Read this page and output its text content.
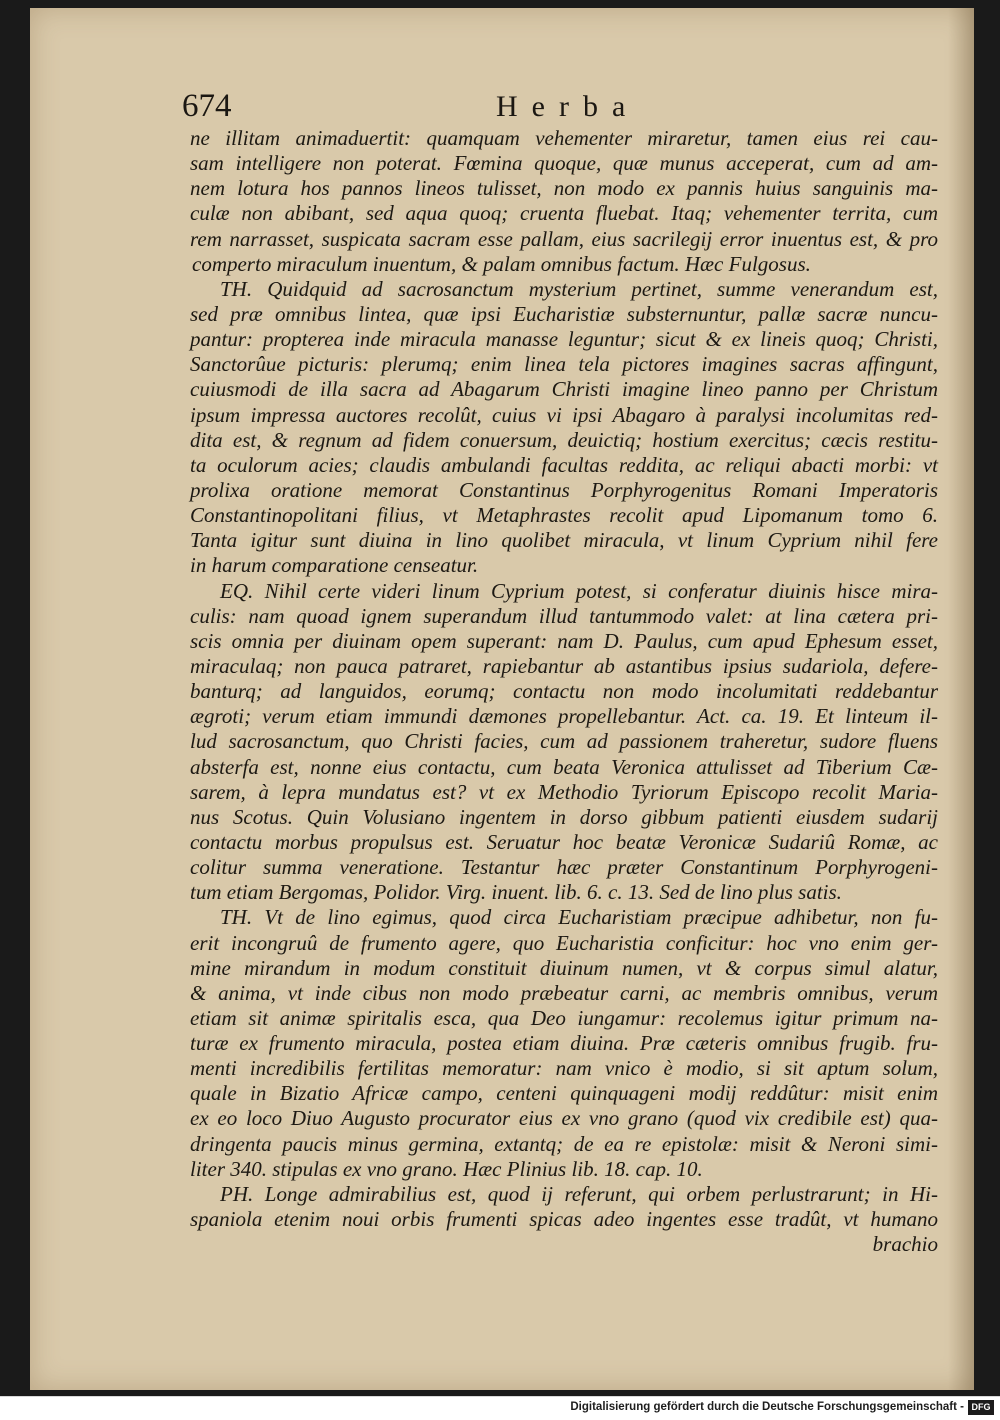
674	Herba
ne illitam animaduertit: quamquam vehementer miraretur, tamen eius rei cau-
sam intelligere non poterat. Fœmina quoque, quæ munus acceperat, cum ad am-
nem lotura hos pannos lineos tulisset, non modo ex pannis huius sanguinis ma-
culæ non abibant, sed aqua quoq; cruenta fluebat. Itaq; vehementer territa, cum
rem narrasset, suspicata sacram esse pallam, eius sacrilegij error inuentus est, & pro
comperto miraculum inuentum, & palam omnibus factum. Hæc Fulgosus.
TH. Quidquid ad sacrosanctum mysterium pertinet, summe venerandum est,
sed præ omnibus lintea, quæ ipsi Eucharistiæ substernuntur, pallæ sacræ nuncu-
pantur: propterea inde miracula manasse leguntur; sicut & ex lineis quoq; Christi,
Sanctorûue picturis: plerumq; enim linea tela pictores imagines sacras affingunt,
cuiusmodi de illa sacra ad Abagarum Christi imagine lineo panno per Christum
ipsum impressa auctores recolût, cuius vi ipsi Abagaro à paralysi incolumitas red-
dita est, & regnum ad fidem conuersum, deuictiq; hostium exercitus; cæcis restitu-
ta oculorum acies; claudis ambulandi facultas reddita, ac reliqui abacti morbi: vt
prolixa oratione memorat Constantinus Porphyrogenitus Romani Imperatoris
Constantinopolitani filius, vt Metaphrastes recolit apud Lipomanum tomo 6.
Tanta igitur sunt diuina in lino quolibet miracula, vt linum Cyprium nihil fere
in harum comparatione censeatur.
EQ. Nihil certe videri linum Cyprium potest, si conferatur diuinis hisce mira-
culis: nam quoad ignem superandum illud tantummodo valet: at lina cætera pri-
scis omnia per diuinam opem superant: nam D. Paulus, cum apud Ephesum esset,
miraculaq; non pauca patraret, rapiebantur ab astantibus ipsius sudariola, defere-
banturq; ad languidos, eorumq; contactu non modo incolumitati reddebantur
ægroti; verum etiam immundi dæmones propellebantur. Act. ca. 19. Et linteum il-
lud sacrosanctum, quo Christi facies, cum ad passionem traheretur, sudore fluens
absterfa est, nonne eius contactu, cum beata Veronica attulisset ad Tiberium Cæ-
sarem, à lepra mundatus est? vt ex Methodio Tyriorum Episcopo recolit Maria-
nus Scotus. Quin Volusiano ingentem in dorso gibbum patienti eiusdem sudarij
contactu morbus propulsus est. Seruatur hoc beatæ Veronicæ Sudariû Romæ, ac
colitur summa veneratione. Testantur hæc præter Constantinum Porphyrogeni-
tum etiam Bergomas, Polidor. Virg. inuent. lib. 6. c. 13. Sed de lino plus satis.
TH. Vt de lino egimus, quod circa Eucharistiam præcipue adhibetur, non fu-
erit incongruû de frumento agere, quo Eucharistia conficitur: hoc vno enim ger-
mine mirandum in modum constituit diuinum numen, vt & corpus simul alatur,
& anima, vt inde cibus non modo præbeatur carni, ac membris omnibus, verum
etiam sit animæ spiritalis esca, qua Deo iungamur: recolemus igitur primum na-
turæ ex frumento miracula, postea etiam diuina. Præ cæteris omnibus frugib. fru-
menti incredibilis fertilitas memoratur: nam vnico è modio, si sit aptum solum,
quale in Bizatio Africæ campo, centeni quinquageni modij reddûtur: misit enim
ex eo loco Diuo Augusto procurator eius ex vno grano (quod vix credibile est) qua-
dringenta paucis minus germina, extantq; de ea re epistolæ: misit & Neroni simi-
liter 340. stipulas ex vno grano. Hæc Plinius lib. 18. cap. 10.
PH. Longe admirabilius est, quod ij referunt, qui orbem perlustrarunt; in Hi-
spaniola etenim noui orbis frumenti spicas adeo ingentes esse tradût, vt humano
brachio
Digitalisierung gefördert durch die Deutsche Forschungsgemeinschaft - DFG
